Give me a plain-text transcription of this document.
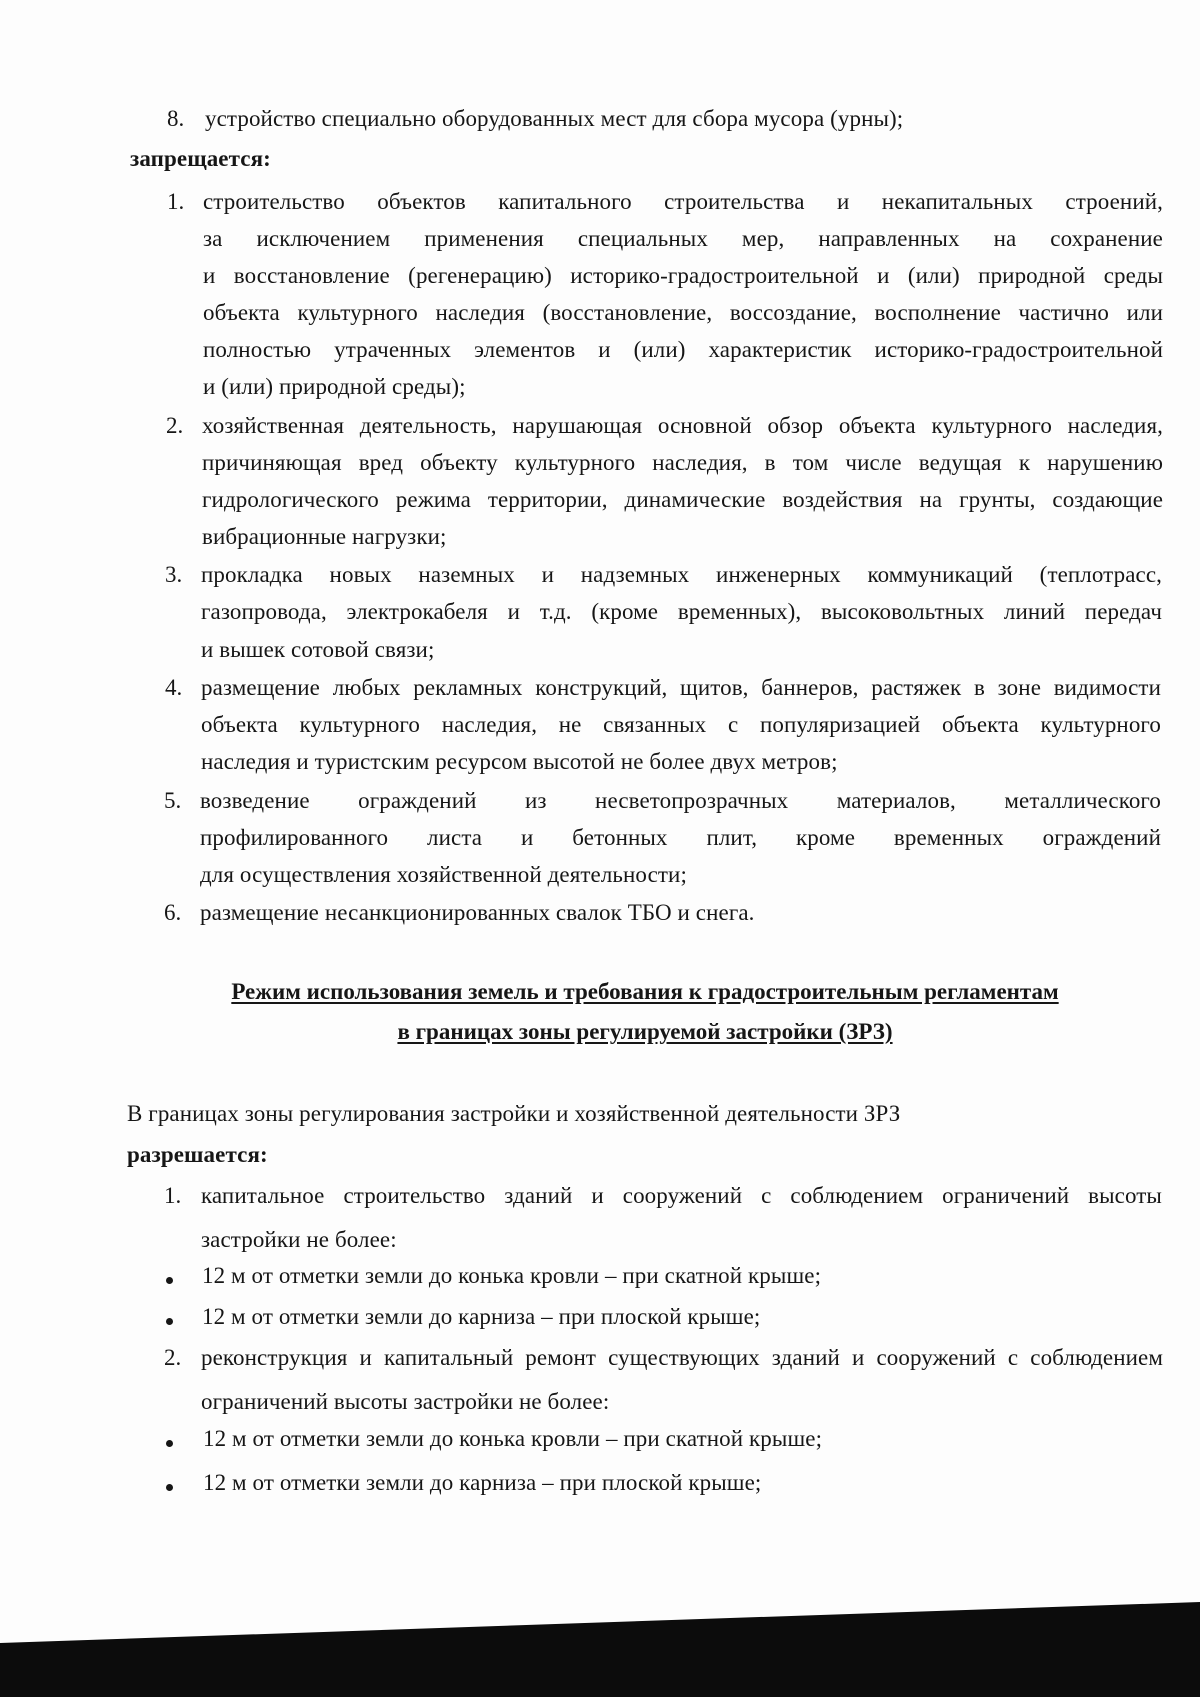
8. устройство специально оборудованных мест для сбора мусора (урны);
запрещается:
1. строительство объектов капитального строительства и некапитальных строений,
за исключением применения специальных мер, направленных на сохранение
и восстановление (регенерацию) историко-градостроительной и (или) природной среды
объекта культурного наследия (восстановление, воссоздание, восполнение частично или
полностью утраченных элементов и (или) характеристик историко-градостроительной
и (или) природной среды);
2. хозяйственная деятельность, нарушающая основной обзор объекта культурного наследия,
причиняющая вред объекту культурного наследия, в том числе ведущая к нарушению
гидрологического режима территории, динамические воздействия на грунты, создающие
вибрационные нагрузки;
3. прокладка новых наземных и надземных инженерных коммуникаций (теплотрасс,
газопровода, электрокабеля и т.д. (кроме временных), высоковольтных линий передач
и вышек сотовой связи;
4. размещение любых рекламных конструкций, щитов, баннеров, растяжек в зоне видимости
объекта культурного наследия, не связанных с популяризацией объекта культурного
наследия и туристским ресурсом высотой не более двух метров;
5. возведение ограждений из несветопрозрачных материалов, металлического
профилированного листа и бетонных плит, кроме временных ограждений
для осуществления хозяйственной деятельности;
6. размещение несанкционированных свалок ТБО и снега.
Режим использования земель и требования к градостроительным регламентам
в границах зоны регулируемой застройки (ЗРЗ)
В границах зоны регулирования застройки и хозяйственной деятельности ЗРЗ
разрешается:
1. капитальное строительство зданий и сооружений с соблюдением ограничений высоты
застройки не более:
12 м от отметки земли до конька кровли – при скатной крыше;
12 м от отметки земли до карниза – при плоской крыше;
2. реконструкция и капитальный ремонт существующих зданий и сооружений с соблюдением
ограничений высоты застройки не более:
12 м от отметки земли до конька кровли – при скатной крыше;
12 м от отметки земли до карниза – при плоской крыше;
